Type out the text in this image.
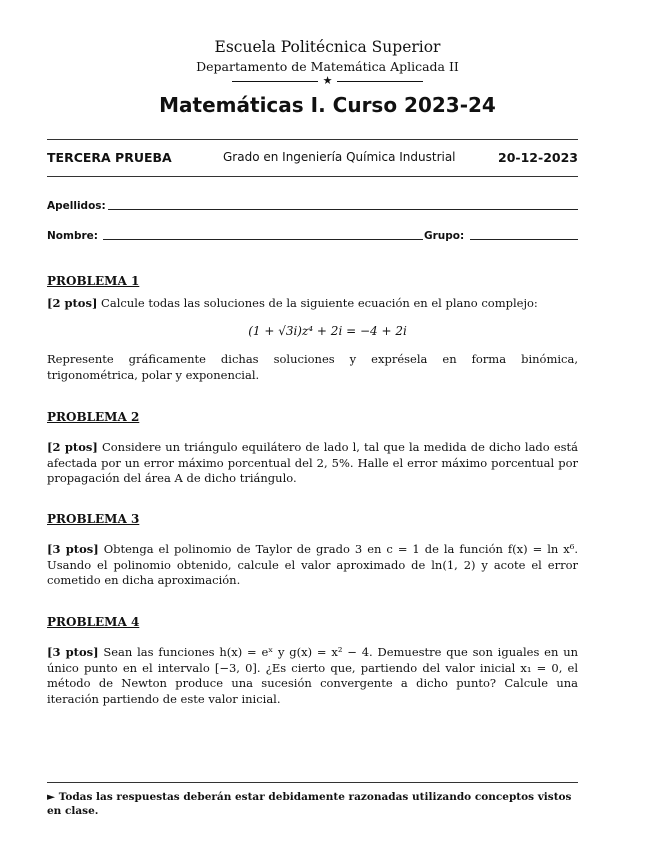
Escuela Politécnica Superior
Departamento de Matemática Aplicada II
★
Matemáticas I. Curso 2023-24
TERCERA PRUEBA	Grado en Ingeniería Química Industrial	20-12-2023
Apellidos:
Nombre:	Grupo:
PROBLEMA 1
[2 ptos] Calcule todas las soluciones de la siguiente ecuación en el plano complejo:
(1 + √3i)z⁴ + 2i = −4 + 2i
Represente gráficamente dichas soluciones y exprésela en forma binómica, trigonométrica, polar y exponencial.
PROBLEMA 2
[2 ptos] Considere un triángulo equilátero de lado l, tal que la medida de dicho lado está afectada por un error máximo porcentual del 2, 5%. Halle el error máximo porcentual por propagación del área A de dicho triángulo.
PROBLEMA 3
[3 ptos] Obtenga el polinomio de Taylor de grado 3 en c = 1 de la función f(x) = ln x⁶. Usando el polinomio obtenido, calcule el valor aproximado de ln(1, 2) y acote el error cometido en dicha aproximación.
PROBLEMA 4
[3 ptos] Sean las funciones h(x) = eˣ y g(x) = x² − 4. Demuestre que son iguales en un único punto en el intervalo [−3, 0]. ¿Es cierto que, partiendo del valor inicial x₁ = 0, el método de Newton produce una sucesión convergente a dicho punto? Calcule una iteración partiendo de este valor inicial.
► Todas las respuestas deberán estar debidamente razonadas utilizando conceptos vistos en clase.
